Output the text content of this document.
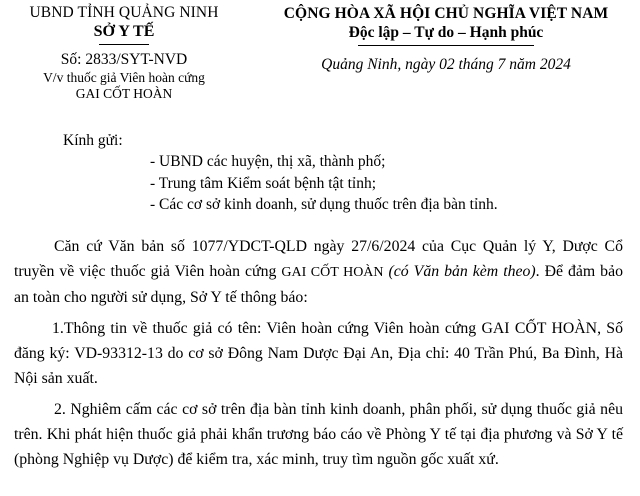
UBND TỈNH QUẢNG NINH
SỞ Y TẾ
Số: 2833/SYT-NVD
V/v thuốc giả Viên hoàn cứng
GAI CỐT HOÀN
CỘNG HÒA XÃ HỘI CHỦ NGHĨA VIỆT NAM
Độc lập – Tự do – Hạnh phúc
Quảng Ninh, ngày 02 tháng 7 năm 2024
Kính gửi:
- UBND các huyện, thị xã, thành phố;
- Trung tâm Kiểm soát bệnh tật tỉnh;
- Các cơ sở kinh doanh, sử dụng thuốc trên địa bàn tỉnh.

Căn cứ Văn bản số 1077/YDCT-QLD ngày 27/6/2024 của Cục Quản lý Y, Dược Cổ truyền về việc thuốc giả Viên hoàn cứng GAI CỐT HOÀN (có Văn bản kèm theo). Để đảm bảo an toàn cho người sử dụng, Sở Y tế thông báo:

1.Thông tin về thuốc giả có tên: Viên hoàn cứng Viên hoàn cứng GAI CỐT HOÀN, Số đăng ký: VD-93312-13 do cơ sở Đông Nam Dược Đại An, Địa chỉ: 40 Trần Phú, Ba Đình, Hà Nội sản xuất.

2. Nghiêm cấm các cơ sở trên địa bàn tỉnh kinh doanh, phân phối, sử dụng thuốc giả nêu trên. Khi phát hiện thuốc giả phải khẩn trương báo cáo về Phòng Y tế tại địa phương và Sở Y tế (phòng Nghiệp vụ Dược) để kiểm tra, xác minh, truy tìm nguồn gốc xuất xứ.
